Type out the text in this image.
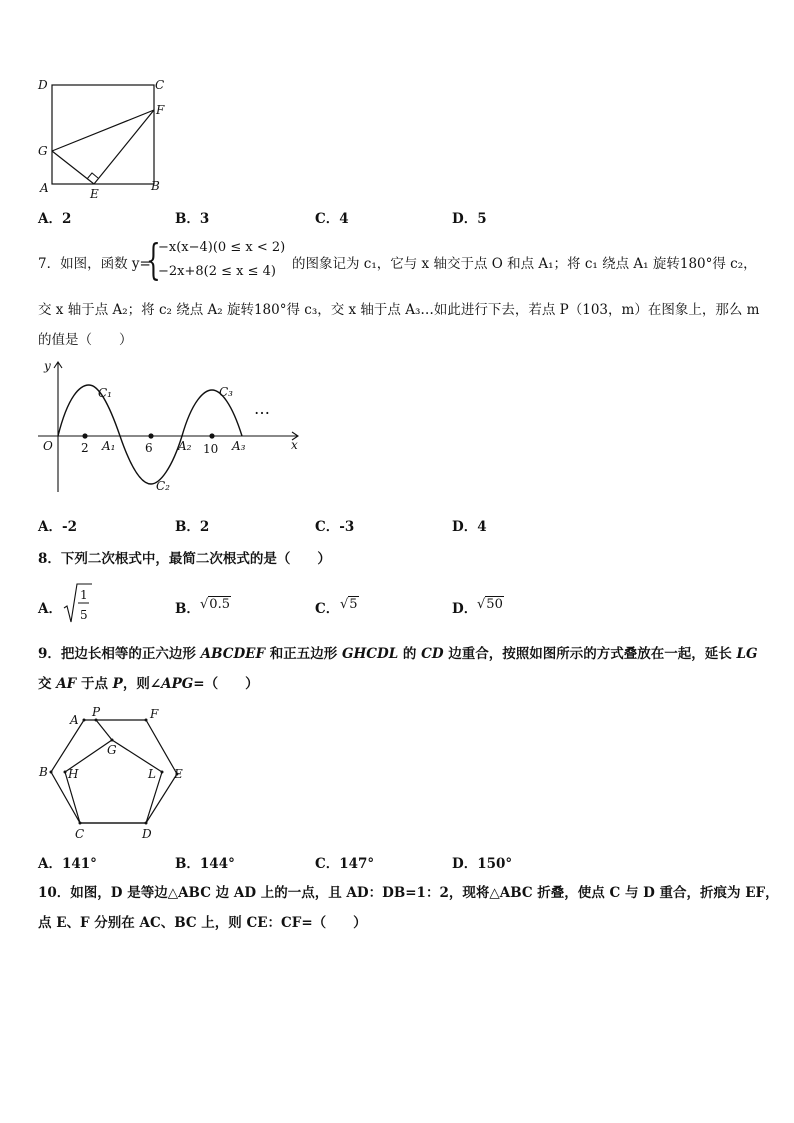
D	C
F
G
A	E
B
A．2	B．3	C．4	D．5
7．如图，函数 y=
{
−x(x−4)(0 ≤ x < 2)
−2x+8(2 ≤ x ≤ 4) 的图象记为 c₁，它与 x 轴交于点 O 和点 A₁；将 c₁ 绕点 A₁ 旋转180°得 c₂，
交 x 轴于点 A₂；将 c₂ 绕点 A₂ 旋转180°得 c₃，交 x 轴于点 A₃…如此进行下去，若点 P（103，m）在图象上，那么 m
的值是（　　）
y
x
O 2 A₁ 6 A₂ 10 A₃
C₁
C₂
C₃
…
A．-2	B．2	C．-3	D．4
8．下列二次根式中，最简二次根式的是（　　）
A．
1
5	B． √0.5	C． √5	D． √50
9．把边长相等的正六边形 ABCDEF 和正五边形 GHCDL 的 CD 边重合，按照如图所示的方式叠放在一起，延长 LG
交 AF 于点 P，则∠APG=（　　）
A
P	F
G
B H	L E
C	D
A．141°	B．144°	C．147°	D．150°
10．如图，D 是等边△ABC 边 AD 上的一点，且 AD：DB=1：2，现将△ABC 折叠，使点 C 与 D 重合，折痕为 EF，
点 E、F 分别在 AC、BC 上，则 CE：CF=（　　）
